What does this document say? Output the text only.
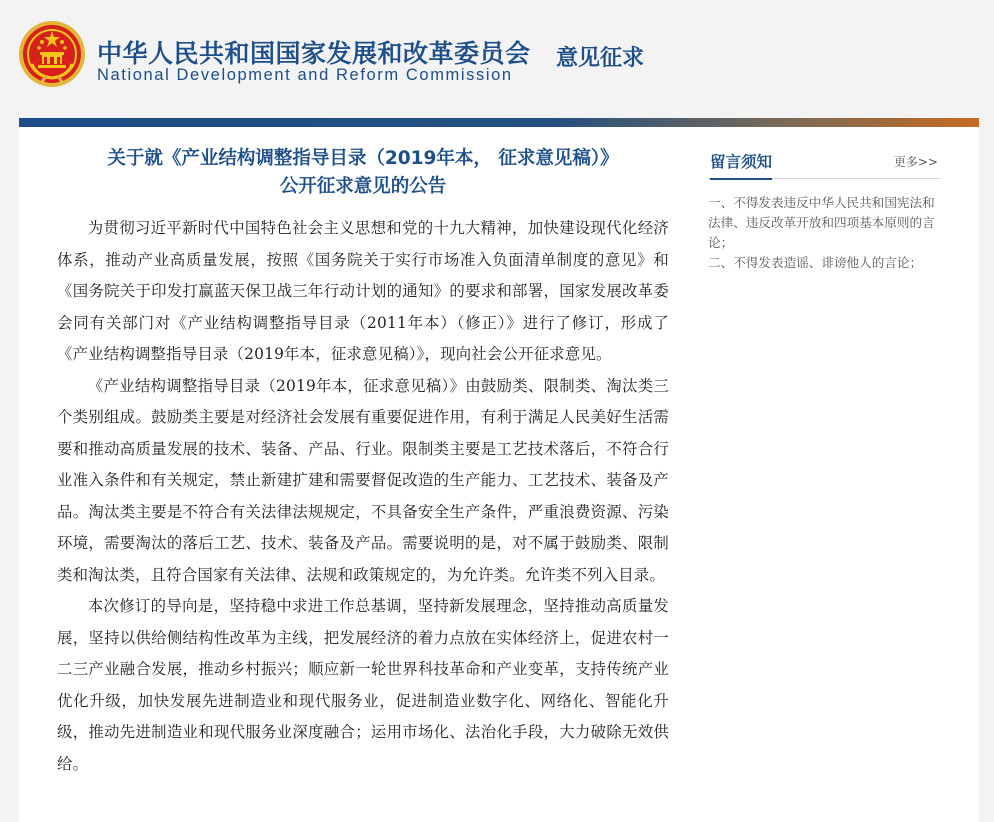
中华人民共和国国家发展和改革委员会
National Development and Reform Commission
意见征求
关于就《产业结构调整指导目录（2019年本， 征求意见稿）》
公开征求意见的公告

为贯彻习近平新时代中国特色社会主义思想和党的十九大精神，加快建设现代化经济体系，推动产业高质量发展，按照《国务院关于实行市场准入负面清单制度的意见》和《国务院关于印发打赢蓝天保卫战三年行动计划的通知》的要求和部署，国家发展改革委会同有关部门对《产业结构调整指导目录（2011年本）（修正）》进行了修订，形成了《产业结构调整指导目录（2019年本，征求意见稿）》，现向社会公开征求意见。

《产业结构调整指导目录（2019年本，征求意见稿）》由鼓励类、限制类、淘汰类三个类别组成。鼓励类主要是对经济社会发展有重要促进作用，有利于满足人民美好生活需要和推动高质量发展的技术、装备、产品、行业。限制类主要是工艺技术落后，不符合行业准入条件和有关规定，禁止新建扩建和需要督促改造的生产能力、工艺技术、装备及产品。淘汰类主要是不符合有关法律法规规定，不具备安全生产条件，严重浪费资源、污染环境，需要淘汰的落后工艺、技术、装备及产品。需要说明的是，对不属于鼓励类、限制类和淘汰类，且符合国家有关法律、法规和政策规定的，为允许类。允许类不列入目录。

本次修订的导向是，坚持稳中求进工作总基调，坚持新发展理念，坚持推动高质量发展，坚持以供给侧结构性改革为主线，把发展经济的着力点放在实体经济上，促进农村一二三产业融合发展，推动乡村振兴；顺应新一轮世界科技革命和产业变革，支持传统产业优化升级，加快发展先进制造业和现代服务业，促进制造业数字化、网络化、智能化升级，推动先进制造业和现代服务业深度融合；运用市场化、法治化手段，大力破除无效供给。

留言须知	更多>>

一、不得发表违反中华人民共和国宪法和法律、违反改革开放和四项基本原则的言论；

二、不得发表造谣、诽谤他人的言论；
